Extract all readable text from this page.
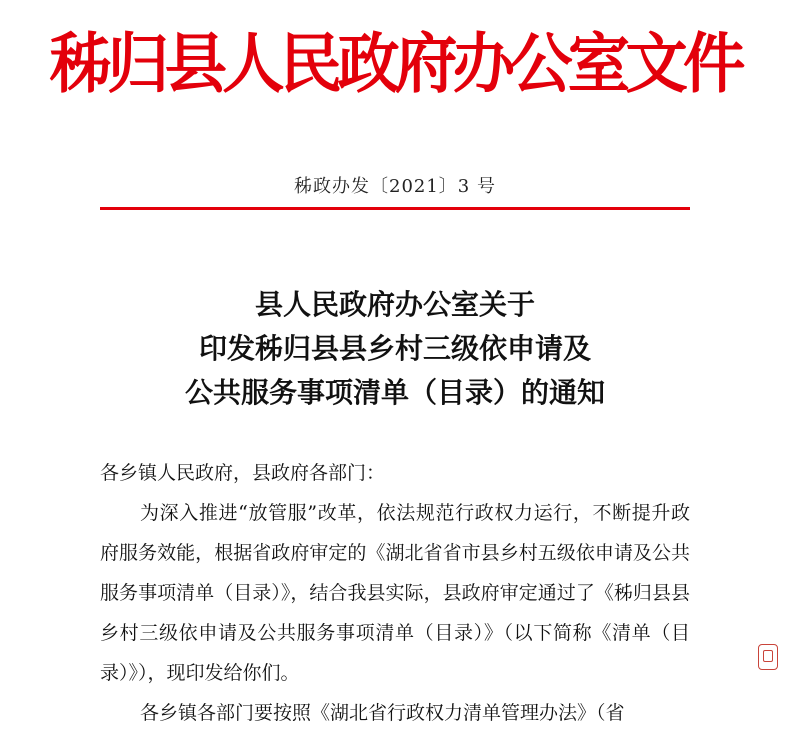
秭归县人民政府办公室文件
秭政办发〔2021〕3 号
县人民政府办公室关于
印发秭归县县乡村三级依申请及
公共服务事项清单（目录）的通知
各乡镇人民政府，县政府各部门：
为深入推进“放管服”改革，依法规范行政权力运行，不断提升政府服务效能，根据省政府审定的《湖北省省市县乡村五级依申请及公共服务事项清单（目录）》，结合我县实际，县政府审定通过了《秭归县县乡村三级依申请及公共服务事项清单（目录）》（以下简称《清单（目录）》），现印发给你们。
各乡镇各部门要按照《湖北省行政权力清单管理办法》（省
